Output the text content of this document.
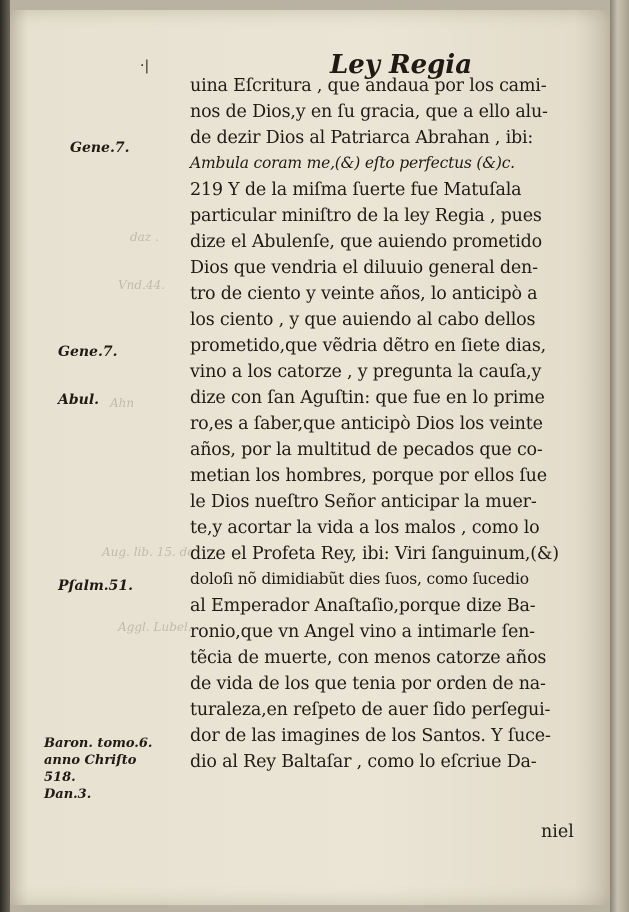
daz .
Vnd.44.
Ahn
Aug. lib. 15. de
Aggl. Lubel.
·|	Ley Regia
uina Eſcritura , que andaua por los cami-
nos de Dios,y en ſu gracia, que a ello alu-
de dezir Dios al Patriarca Abrahan , ibi:
Ambula coram me,(&) eſto perfectus (&)c.
219 Y de la miſma ſuerte fue Matuſala
particular miniſtro de la ley Regia , pues
dize el Abulenſe, que auiendo prometido
Dios que vendria el diluuio general den-
tro de ciento y veinte años, lo anticipò a
los ciento , y que auiendo al cabo dellos
prometido,que vẽdria dẽtro en ſiete dias,
vino a los catorze , y pregunta la cauſa,y
dize con ſan Aguſtin: que fue en lo prime
ro,es a ſaber,que anticipò Dios los veinte
años, por la multitud de pecados que co-
metian los hombres, porque por ellos ſue
le Dios nueſtro Señor anticipar la muer-
te,y acortar la vida a los malos , como lo
dize el Profeta Rey, ibi: Viri ſanguinum,(&)
doloſi nõ dimidiabũt dies ſuos, como ſucedio
al Emperador Anaſtaſio,porque dize Ba-
ronio,que vn Angel vino a intimarle ſen-
tẽcia de muerte, con menos catorze años
de vida de los que tenia por orden de na-
turaleza,en reſpeto de auer ſido perſegui-
dor de las imagines de los Santos. Y ſuce-
dio al Rey Baltaſar , como lo eſcriue Da-
niel
Gene.7.
Gene.7.
Abul.
Pſalm.51.
Baron. tomo.6.
anno Chriſto
518.
Dan.3.
